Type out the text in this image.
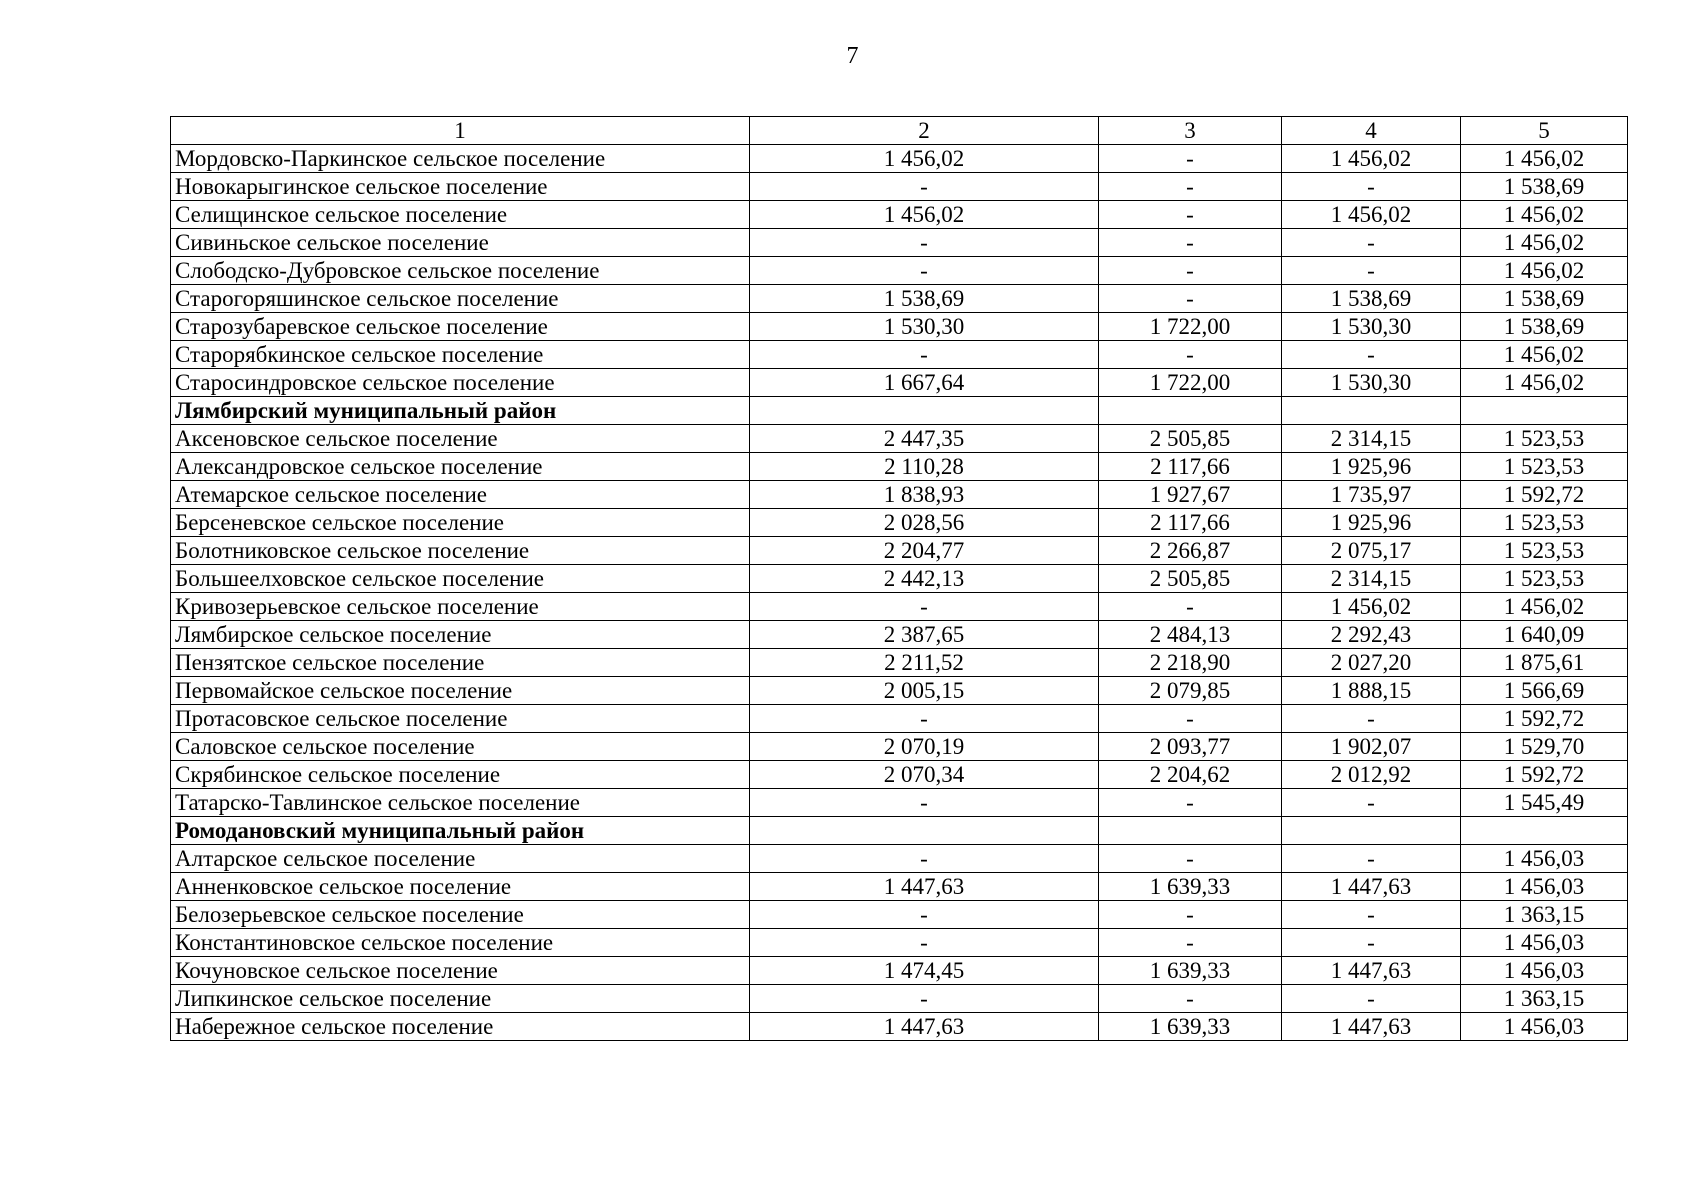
7
1	2	3	4	5
Мордовско-Паркинское сельское поселение	1 456,02	-	1 456,02	1 456,02
Новокарыгинское сельское поселение	-	-	-	1 538,69
Селищинское сельское поселение	1 456,02	-	1 456,02	1 456,02
Сивиньское сельское поселение	-	-	-	1 456,02
Слободско-Дубровское сельское поселение	-	-	-	1 456,02
Старогоряшинское сельское поселение	1 538,69	-	1 538,69	1 538,69
Старозубаревское сельское поселение	1 530,30	1 722,00	1 530,30	1 538,69
Старорябкинское сельское поселение	-	-	-	1 456,02
Старосиндровское сельское поселение	1 667,64	1 722,00	1 530,30	1 456,02
Лямбирский муниципальный район				
Аксеновское сельское поселение	2 447,35	2 505,85	2 314,15	1 523,53
Александровское сельское поселение	2 110,28	2 117,66	1 925,96	1 523,53
Атемарское сельское поселение	1 838,93	1 927,67	1 735,97	1 592,72
Берсеневское сельское поселение	2 028,56	2 117,66	1 925,96	1 523,53
Болотниковское сельское поселение	2 204,77	2 266,87	2 075,17	1 523,53
Большеелховское сельское поселение	2 442,13	2 505,85	2 314,15	1 523,53
Кривозерьевское сельское поселение	-	-	1 456,02	1 456,02
Лямбирское сельское поселение	2 387,65	2 484,13	2 292,43	1 640,09
Пензятское сельское поселение	2 211,52	2 218,90	2 027,20	1 875,61
Первомайское сельское поселение	2 005,15	2 079,85	1 888,15	1 566,69
Протасовское сельское поселение	-	-	-	1 592,72
Саловское сельское поселение	2 070,19	2 093,77	1 902,07	1 529,70
Скрябинское сельское поселение	2 070,34	2 204,62	2 012,92	1 592,72
Татарско-Тавлинское сельское поселение	-	-	-	1 545,49
Ромодановский муниципальный район				
Алтарское сельское поселение	-	-	-	1 456,03
Анненковское сельское поселение	1 447,63	1 639,33	1 447,63	1 456,03
Белозерьевское сельское поселение	-	-	-	1 363,15
Константиновское сельское поселение	-	-	-	1 456,03
Кочуновское сельское поселение	1 474,45	1 639,33	1 447,63	1 456,03
Липкинское сельское поселение	-	-	-	1 363,15
Набережное сельское поселение	1 447,63	1 639,33	1 447,63	1 456,03
